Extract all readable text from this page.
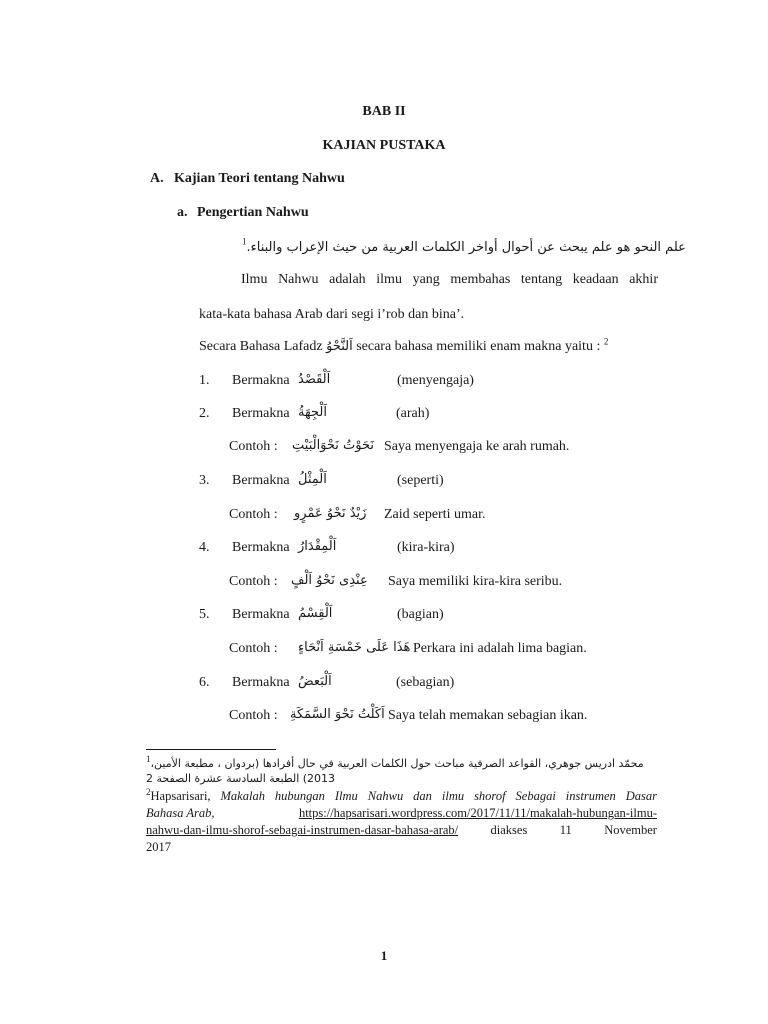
BAB II
KAJIAN PUSTAKA
A. Kajian Teori tentang Nahwu
a. Pengertian Nahwu
$^1$علم النحو هو علم يبحث عن أحوال أواخر الكلمات العربية من حيث الإعراب والبناء.
Ilmu Nahwu adalah ilmu yang membahas tentang keadaan akhir
kata-kata bahasa Arab dari segi i’rob dan bina’.
Secara Bahasa Lafadz اَلنَّحْوُ secara bahasa memiliki enam makna yaitu : $^2$
1. Bermakna اَلْقَصْدُ	(menyengaja)
2. Bermakna اَلْجِهَةُ	(arah)
Contoh : نَحَوْتُ نَحْوَالْبَيْتِ Saya menyengaja ke arah rumah.
3. Bermakna اَلْمِثْلُ	(seperti)
Contoh : زَيْدٌ نَحْوُ عَمْرٍو Zaid seperti umar.
4. Bermakna اَلْمِقْدَارُ	(kira-kira)
Contoh : عِنْدِى نَحْوُ اَلْفٍ Saya memiliki kira-kira seribu.
5. Bermakna اَلْقِسْمُ	(bagian)
Contoh : هَذَا عَلَى خَمْسَةِ اَنْحَاءٍ Perkara ini adalah lima bagian.
6. Bermakna اَلْبَعضُ	(sebagian)
Contoh : اَكَلْتُ نَحْوَ السَّمَكَةِ Saya telah memakan sebagian ikan.
$^1$محمّد ادريس جوهري، القواعد الصرفية مباحث حول الكلمات العربية في حال أفرادها (بردوان ، مطبعة الأمين،
2013) الطبعة السادسة عشرة الصفحة 2
$^2$Hapsarisari, Makalah hubungan Ilmu Nahwu dan ilmu shorof Sebagai instrumen Dasar
Bahasa Arab,	https://hapsarisari.wordpress.com/2017/11/11/makalah-hubungan-ilmu-
nahwu-dan-ilmu-shorof-sebagai-instrumen-dasar-bahasa-arab/	diakses	11	November
2017
1
